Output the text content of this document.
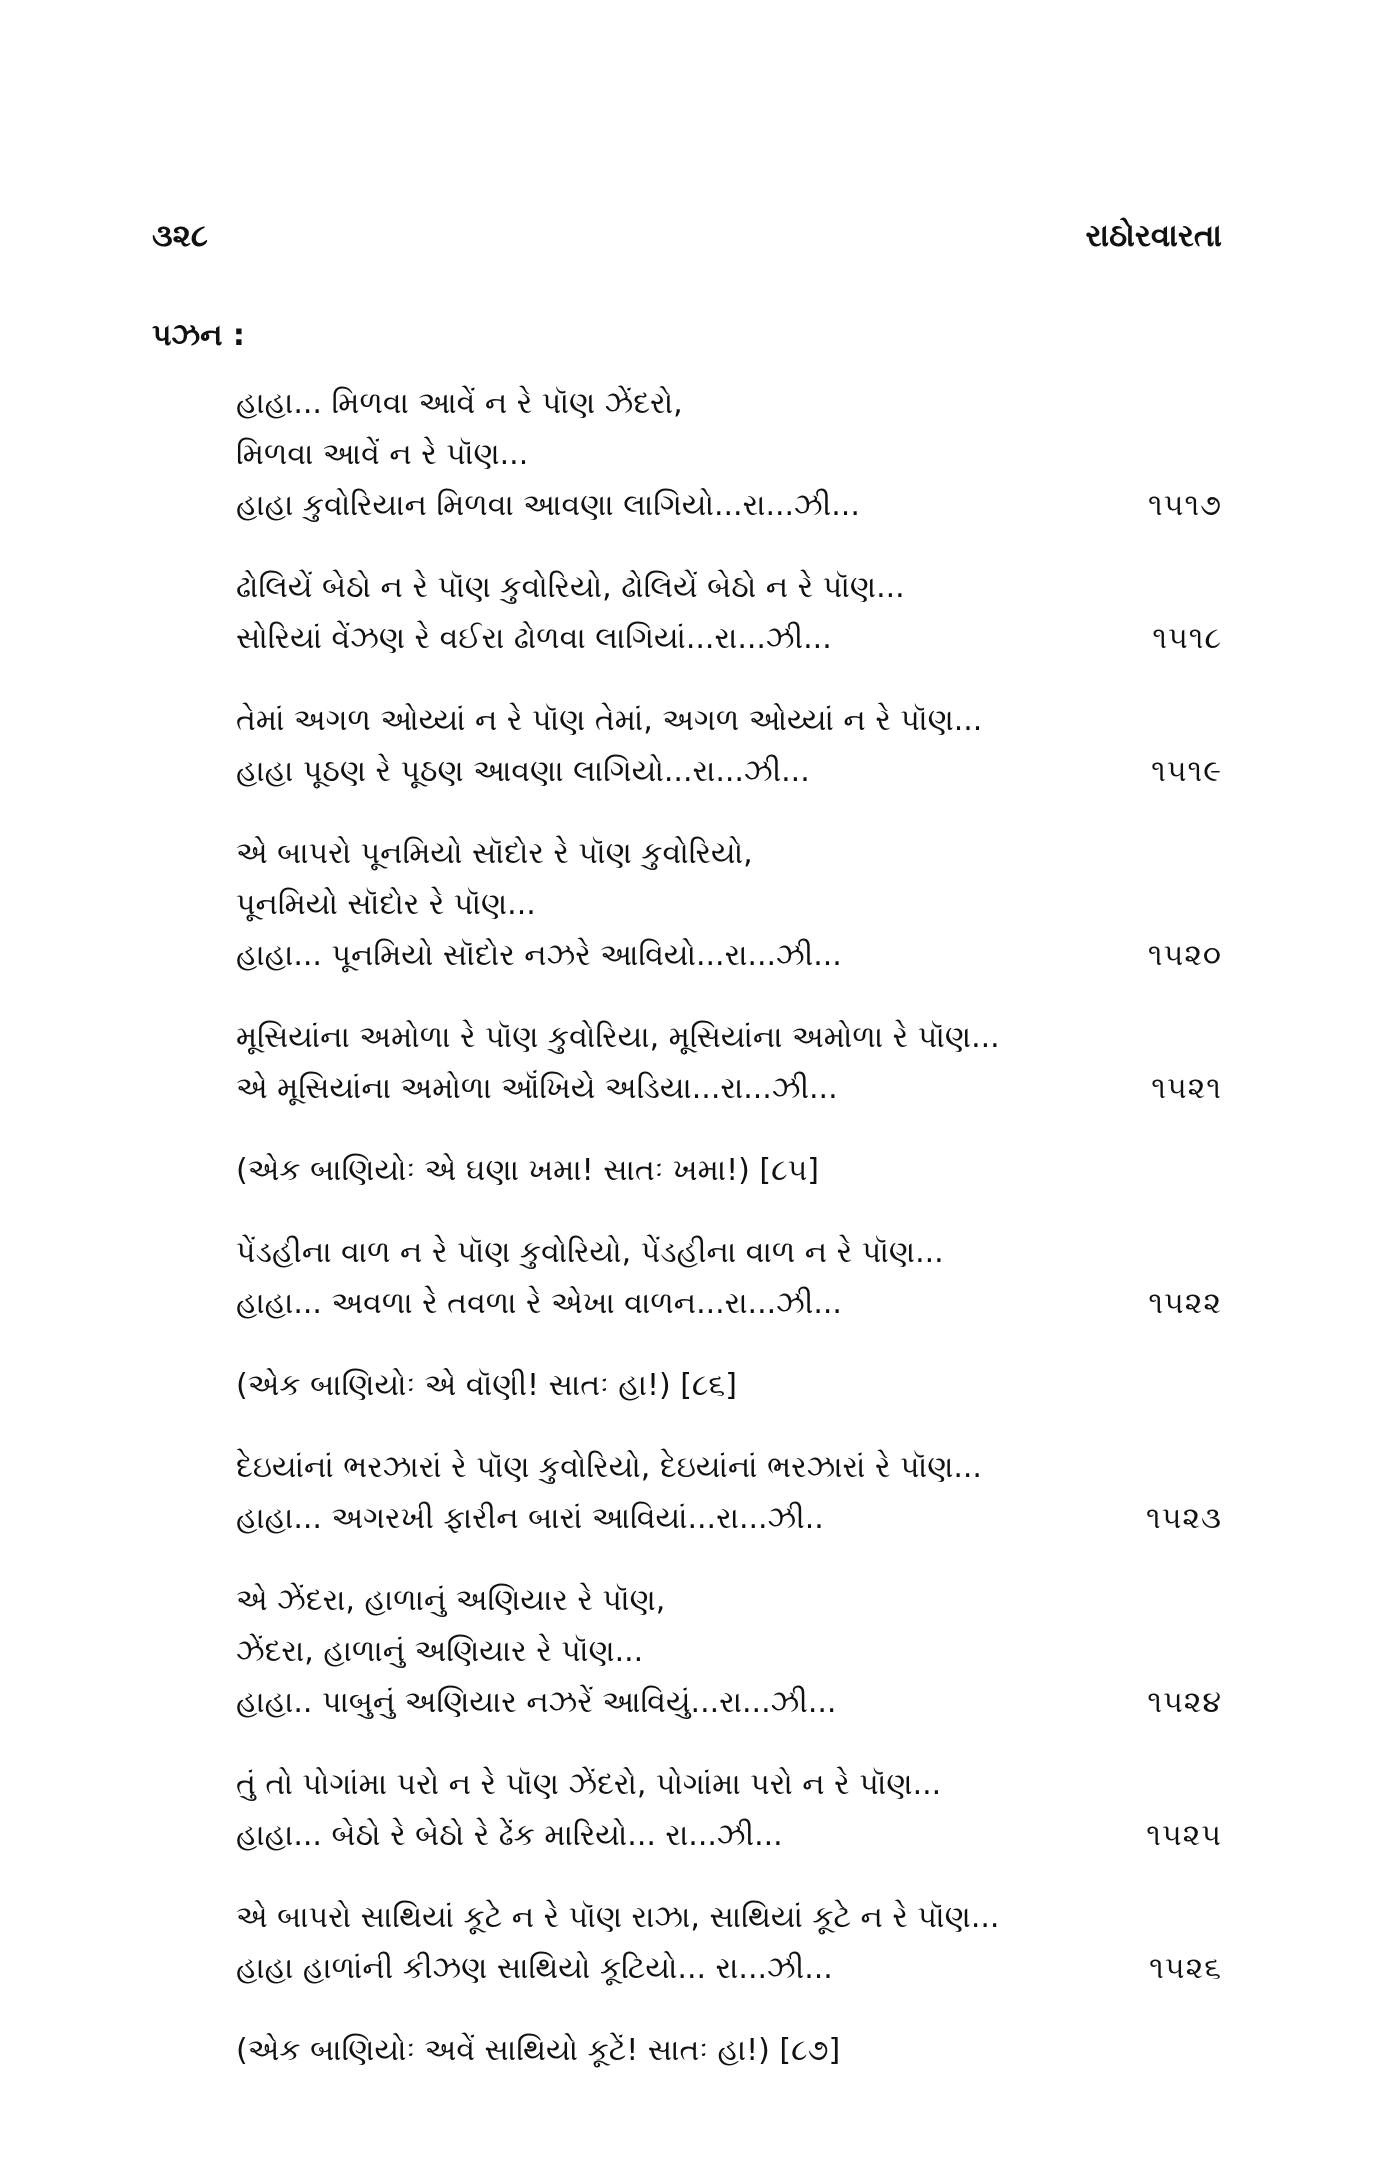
૩૨૮	રાઠોરવારતા
પઝન :
હાહા... મિળવા આવેં ન રે પૉણ ઝેંદરો,
મિળવા આવેં ન રે પૉણ...
હાહા કુવોરિયાન મિળવા આવણા લાગિયો...રા...ઝી...	૧૫૧૭
ઢોલિયેં બેઠો ન રે પૉણ કુવોરિયો, ઢોલિયેં બેઠો ન રે પૉણ...
સોરિયાં વેંઝણ રે વઈરા ઢોળવા લાગિયાં...રા...ઝી...	૧૫૧૮
તેમાં અગળ ઓય્યાં ન રે પૉણ તેમાં, અગળ ઓય્યાં ન રે પૉણ...
હાહા પૂઠણ રે પૂઠણ આવણા લાગિયો...રા...ઝી...	૧૫૧૯
એ બાપરો પૂનમિયો સૉદોર રે પૉણ કુવોરિયો,
પૂનમિયો સૉદોર રે પૉણ...
હાહા... પૂનમિયો સૉદોર નઝરે આવિયો...રા...ઝી...	૧૫૨૦
મૂસિયાંના અમોળા રે પૉણ કુવોરિયા, મૂસિયાંના અમોળા રે પૉણ...
એ મૂસિયાંના અમોળા ઑંખિયે અડિયા...રા...ઝી...	૧૫૨૧
(એક બાણિયોઃ એ ઘણા ખમા! સાતઃ ખમા!) [૮૫]
પેંડહીના વાળ ન રે પૉણ કુવોરિયો, પેંડહીના વાળ ન રે પૉણ...
હાહા... અવળા રે તવળા રે એખા વાળન...રા...ઝી...	૧૫૨૨
(એક બાણિયોઃ એ વૉણી! સાતઃ હા!) [૮૬]
દેઇયાંનાં ભરઝારાં રે પૉણ કુવોરિયો, દેઇયાંનાં ભરઝારાં રે પૉણ...
હાહા... અગરખી ફારીન બારાં આવિયાં...રા...ઝી..	૧૫૨૩
એ ઝેંદરા, હાળાનું અણિયાર રે પૉણ,
ઝેંદરા, હાળાનું અણિયાર રે પૉણ...
હાહા.. પાબુનું અણિયાર નઝરેં આવિયું...રા...ઝી...	૧૫૨૪
તું તો પોગાંમા પરો ન રે પૉણ ઝેંદરો, પોગાંમા પરો ન રે પૉણ...
હાહા... બેઠો રે બેઠો રે ઢેંક મારિયો... રા...ઝી...	૧૫૨૫
એ બાપરો સાથિયાં કૂટે ન રે પૉણ રાઝા, સાથિયાં કૂટે ન રે પૉણ...
હાહા હાળાંની કીઝણ સાથિયો કૂટિયો... રા...ઝી...	૧૫૨૬
(એક બાણિયોઃ અવેં સાથિયો કૂટેં! સાતઃ હા!) [૮૭]
